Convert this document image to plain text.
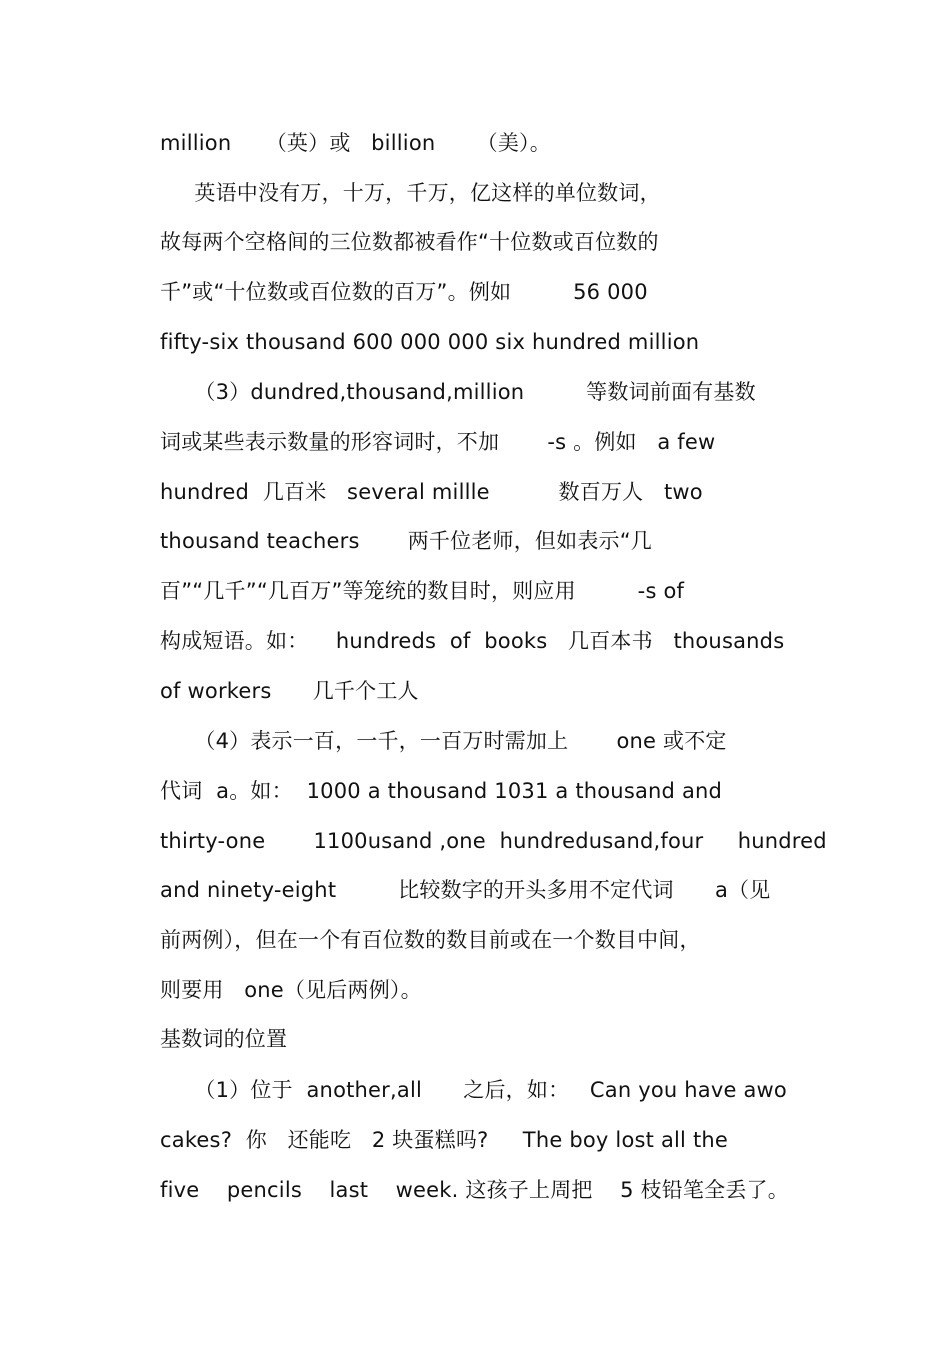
million     （英）或   billion      （美）。

英语中没有万，十万，千万，亿这样的单位数词，

故每两个空格间的三位数都被看作“十位数或百位数的

千”或“十位数或百位数的百万”。例如         56 000

fifty-six thousand 600 000 000 six hundred million

（3）dundred,thousand,million         等数词前面有基数

词或某些表示数量的形容词时，不加       -s 。例如   a few

hundred  几百米   several millle          数百万人   two

thousand teachers       两千位老师，但如表示“几

百”“几千”“几百万”等笼统的数目时，则应用         -s of

构成短语。如：    hundreds  of  books   几百本书   thousands

of workers      几千个工人

（4）表示一百，一千，一百万时需加上       one 或不定

代词  a。如：  1000 a thousand 1031 a thousand and

thirty-one       1100usand ,one  hundredusand,four     hundred

and ninety-eight         比较数字的开头多用不定代词      a（见

前两例），但在一个有百位数的数目前或在一个数目中间，

则要用   one（见后两例）。

基数词的位置

（1）位于  another,all      之后，如：   Can you have awo

cakes?  你   还能吃   2 块蛋糕吗?     The boy lost all the

five    pencils    last    week. 这孩子上周把    5 枝铅笔全丢了。
